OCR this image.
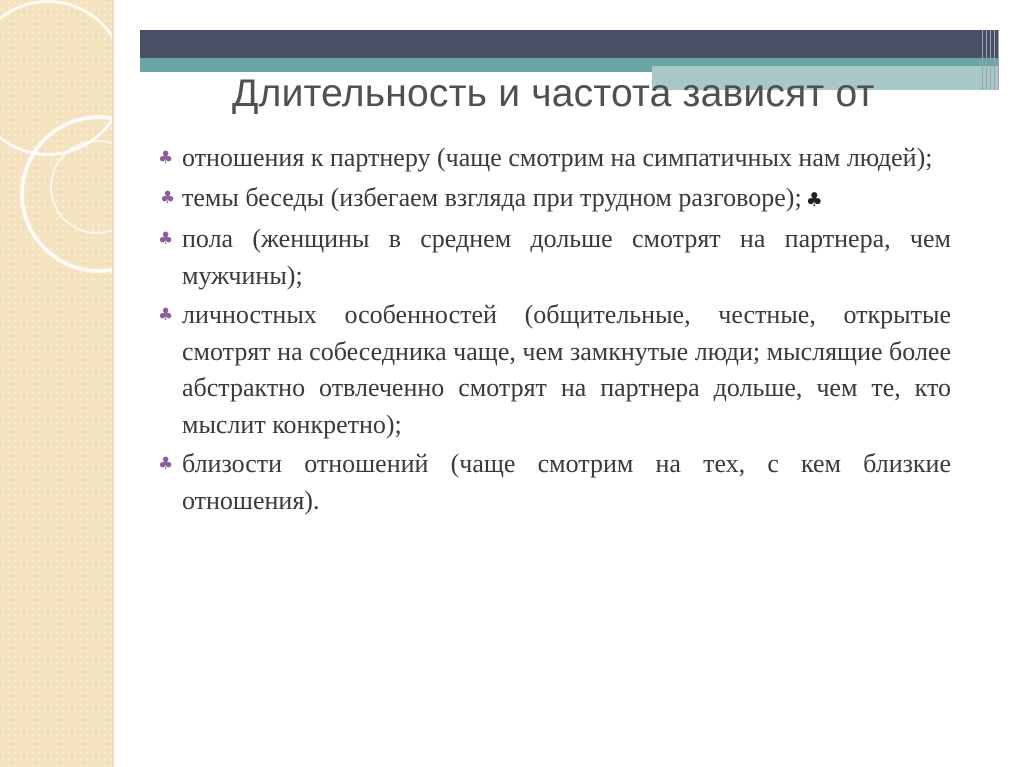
Длительность и частота зависят от
♣ отношения к партнеру (чаще смотрим на симпатичных нам людей);
♣ темы беседы (избегаем взгляда при трудном разговоре); ♣
♣ пола (женщины в среднем дольше смотрят на партнера, чем мужчины);
♣ личностных особенностей (общительные, честные, открытые смотрят на собеседника чаще, чем замкнутые люди; мыслящие более абстрактно отвлеченно смотрят на партнера дольше, чем те, кто мыслит конкретно);
♣ близости отношений (чаще смотрим на тех, с кем близкие отношения).
